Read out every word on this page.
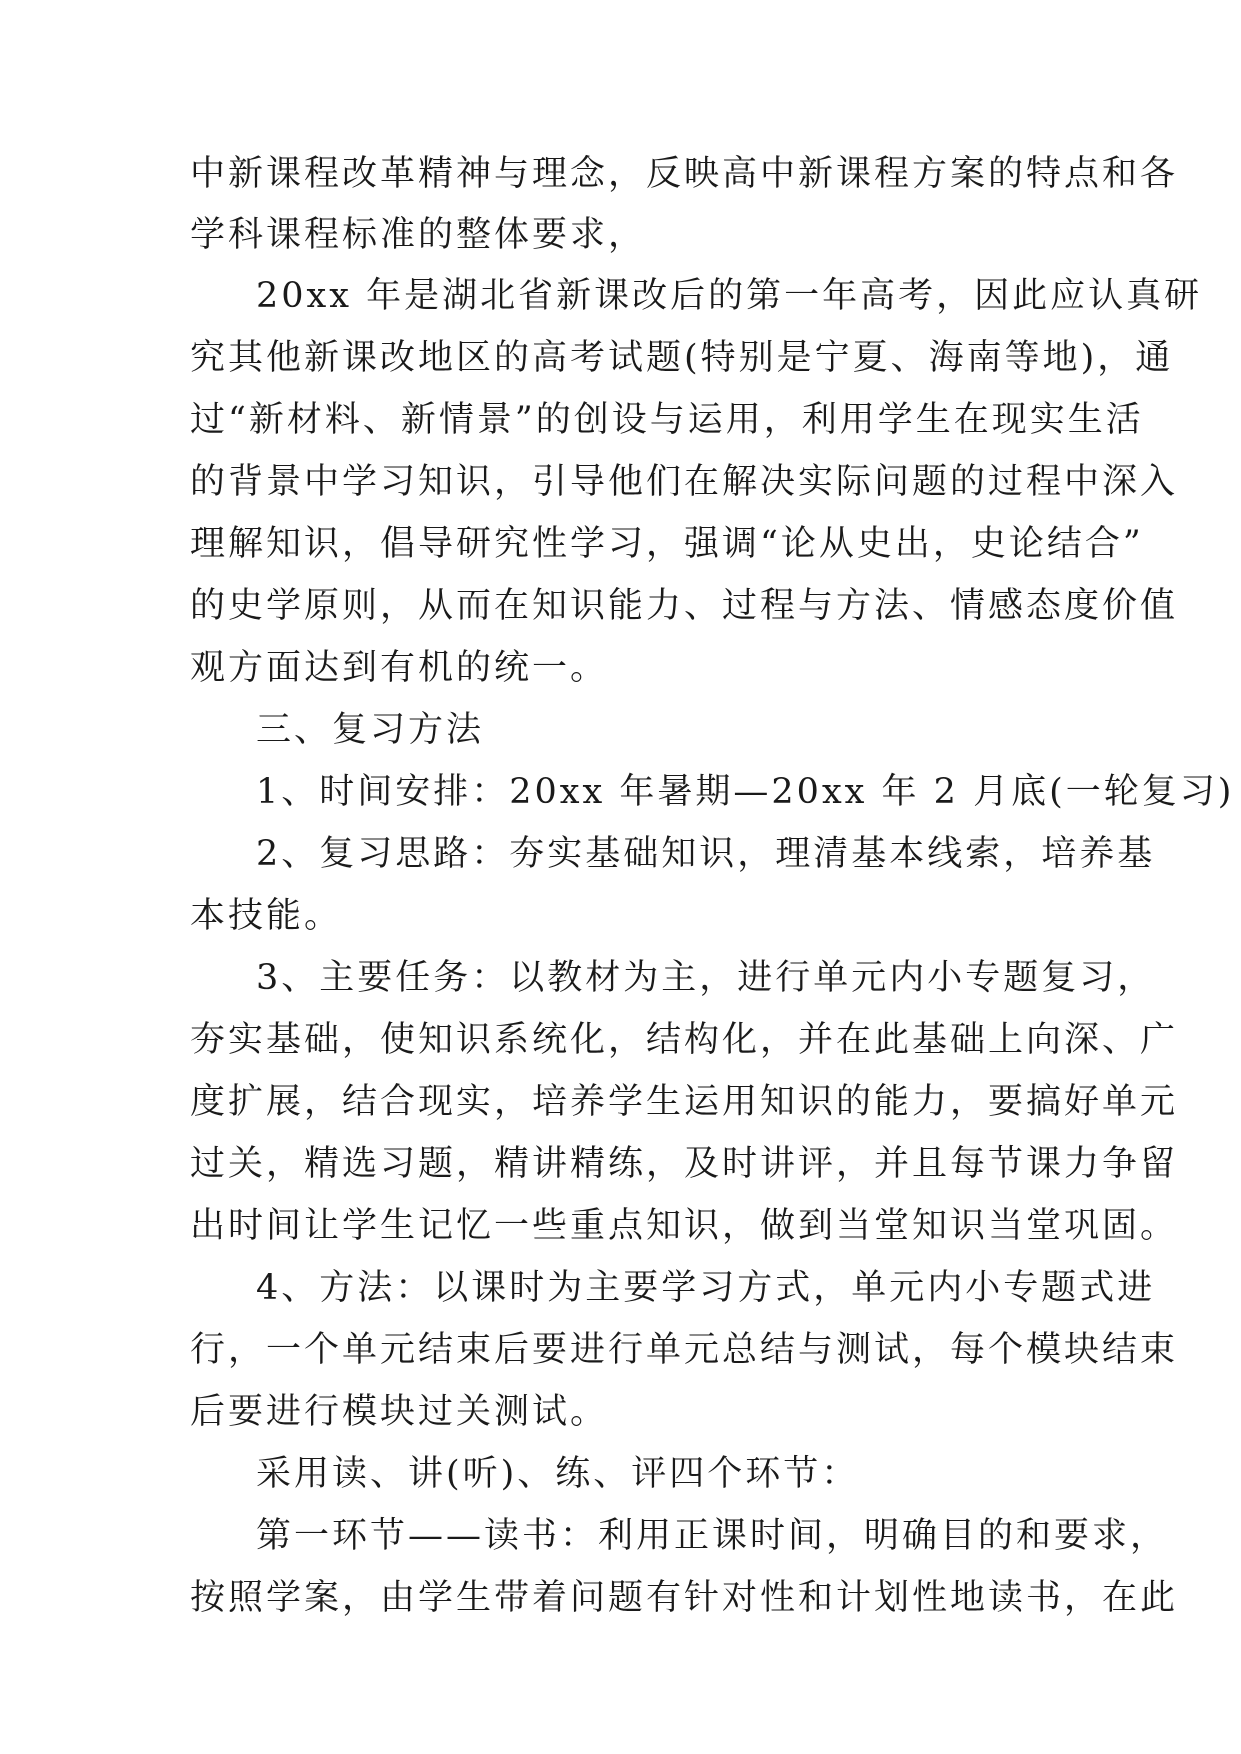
中新课程改革精神与理念，反映高中新课程方案的特点和各
学科课程标准的整体要求，
20xx 年是湖北省新课改后的第一年高考，因此应认真研
究其他新课改地区的高考试题(特别是宁夏、海南等地)，通
过“新材料、新情景”的创设与运用，利用学生在现实生活
的背景中学习知识，引导他们在解决实际问题的过程中深入
理解知识，倡导研究性学习，强调“论从史出，史论结合”
的史学原则，从而在知识能力、过程与方法、情感态度价值
观方面达到有机的统一。
三、复习方法
1、时间安排：20xx 年暑期—20xx 年 2 月底(一轮复习)
2、复习思路：夯实基础知识，理清基本线索，培养基
本技能。
3、主要任务：以教材为主，进行单元内小专题复习，
夯实基础，使知识系统化，结构化，并在此基础上向深、广
度扩展，结合现实，培养学生运用知识的能力，要搞好单元
过关，精选习题，精讲精练，及时讲评，并且每节课力争留
出时间让学生记忆一些重点知识，做到当堂知识当堂巩固。
4、方法：以课时为主要学习方式，单元内小专题式进
行，一个单元结束后要进行单元总结与测试，每个模块结束
后要进行模块过关测试。
采用读、讲(听)、练、评四个环节：
第一环节——读书：利用正课时间，明确目的和要求，
按照学案，由学生带着问题有针对性和计划性地读书，在此
